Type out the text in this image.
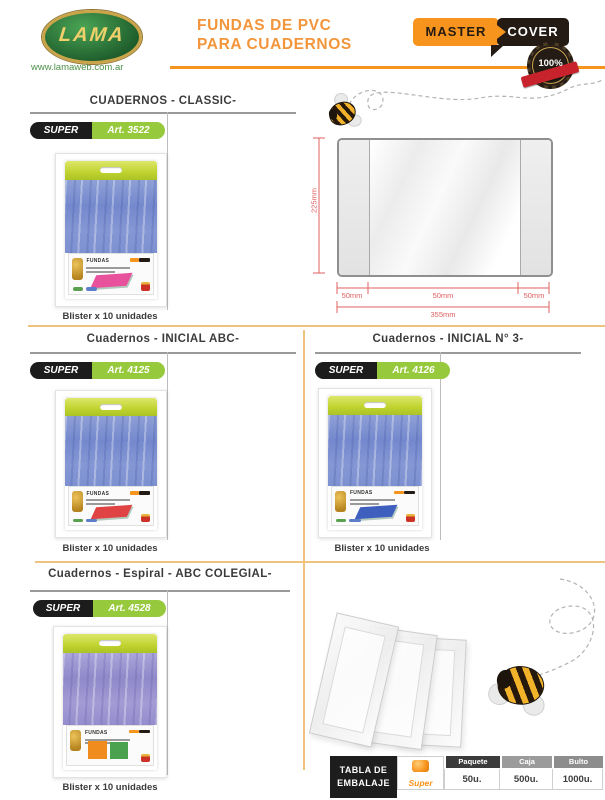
LAMA
www.lamaweb.com.ar
FUNDAS DE PVC
PARA CUADERNOS
MASTER	COVER
100%
CUADERNOS - CLASSIC-
SUPER	Art. 3522
FUNDAS
Blister x 10 unidades
225mm
50mm	50mm	50mm
355mm
Cuadernos - INICIAL ABC-
SUPER	Art. 4125
FUNDAS
Blister x 10 unidades
Cuadernos - INICIAL N° 3-
SUPER	Art. 4126
FUNDAS
Blister x 10 unidades
Cuadernos - Espiral - ABC COLEGIAL-
SUPER	Art. 4528
FUNDAS
Blister x 10 unidades
TABLA DE
EMBALAJE	Super
Paquete	Caja	Bulto
50u.	500u.	1000u.
